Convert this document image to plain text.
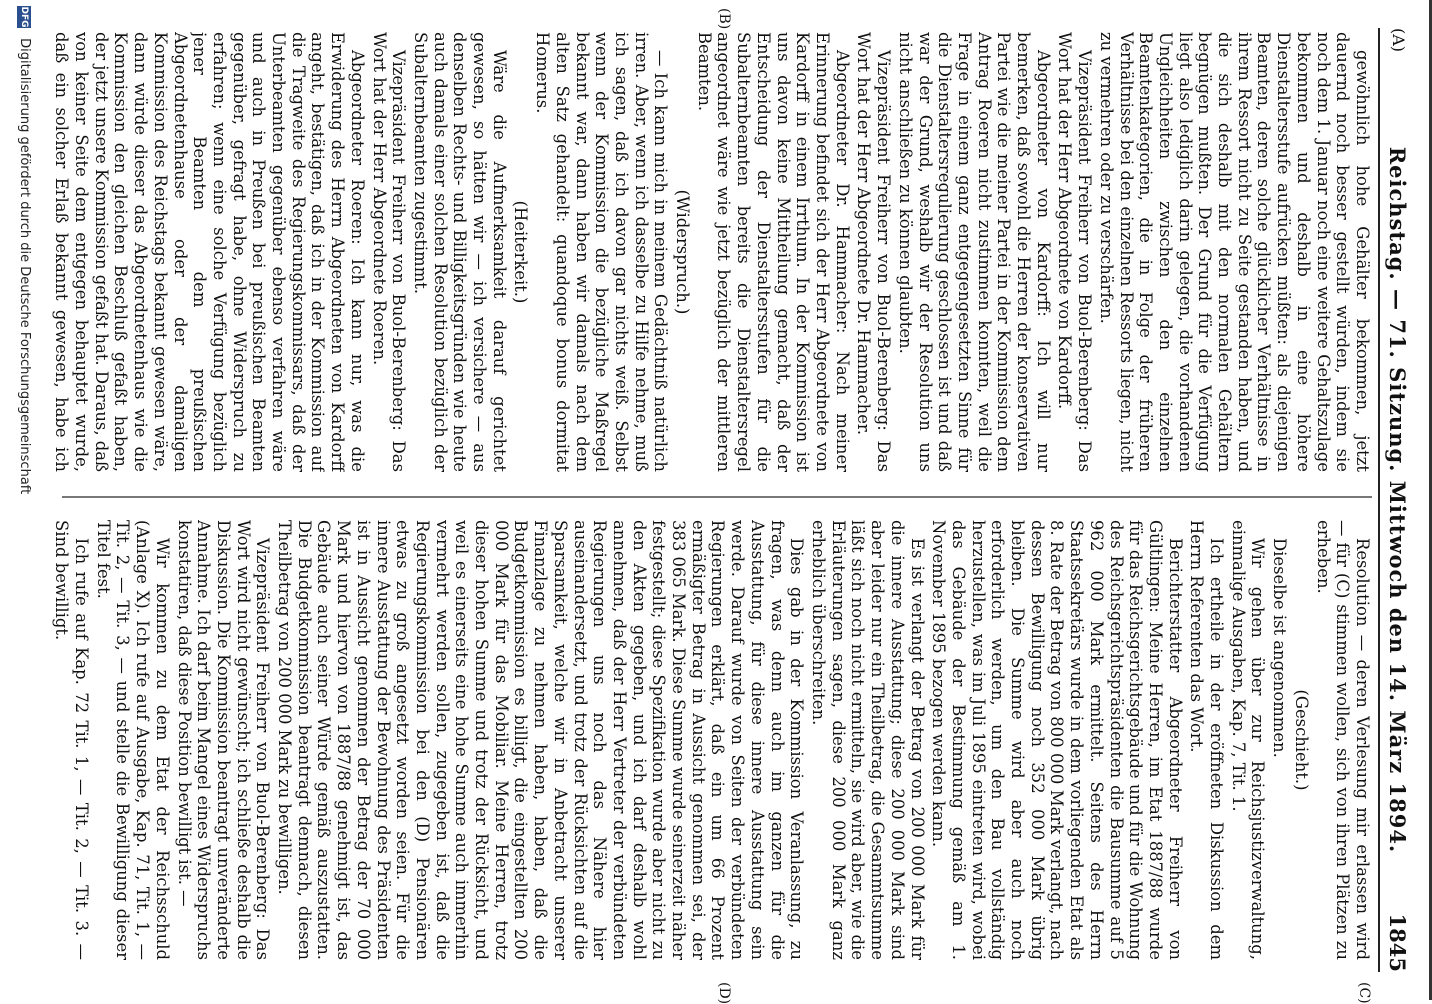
(A)
Reichstag. — 71. Sitzung. Mittwoch den 14. März 1894.
1845
(B)
(C)
(D)

gewöhnlich hohe Gehälter bekommen, jetzt dauernd noch besser gestellt würden, indem sie noch dem 1. Januar noch eine weitere Gehaltszulage bekommen und deshalb in eine höhere Dienstaltersstufe aufrücken müßten: als diejenigen Beamten, deren solche glücklicher Verhältnisse in ihrem Ressort nicht zu Seite gestanden haben, und die sich deshalb mit den normalen Gehältern begnügen mußten. Der Grund für die Verfügung liegt also lediglich darin gelegen, die vorhandenen Ungleichheiten zwischen den einzelnen Beamtenkategorien, die in Folge der früheren Verhältnisse bei den einzelnen Ressorts liegen, nicht zu vermehren oder zu verschärfen.

Vizepräsident Freiherr von Buol-Berenberg: Das Wort hat der Herr Abgeordnete von Kardorff.

Abgeordneter von Kardorff: Ich will nur bemerken, daß sowohl die Herren der konservativen Partei wie die meiner Partei in der Kommission dem Antrag Roeren nicht zustimmen konnten, weil die Frage in einem ganz entgegengesetzten Sinne für die Dienstaltersregulierung geschlossen ist und daß war der Grund, weshalb wir der Resolution uns nicht anschließen zu können glaubten.

Vizepräsident Freiherr von Buol-Berenberg: Das Wort hat der Herr Abgeordnete Dr. Hammacher.

Abgeordneter Dr. Hammacher: Nach meiner Erinnerung befindet sich der Herr Abgeordnete von Kardorff in einem Irrthum. In der Kommission ist uns davon keine Mittheilung gemacht, daß der Entscheidung der Dienstaltersstufen für die Subalternbeamten bereits die Dienstaltersregel angeordnet wäre wie jetzt bezüglich der mittleren Beamten.

(Widerspruch.)

— Ich kann mich in meinem Gedächtniß natürlich irren. Aber, wenn ich dasselbe zu Hilfe nehme, muß ich sagen, daß ich davon gar nichts weiß. Selbst wenn der Kommission die bezügliche Maßregel bekannt war, dann haben wir damals nach dem alten Satz gehandelt: quandoque bonus dormitat Homerus.

(Heiterkeit.)

Wäre die Aufmerksamkeit darauf gerichtet gewesen, so hätten wir — ich versichere — aus denselben Rechts- und Billigkeitsgründen wie heute auch damals einer solchen Resolution bezüglich der Subalternbeamten zugestimmt.

Vizepräsident Freiherr von Buol-Berenberg: Das Wort hat der Herr Abgeordnete Roeren.

Abgeordneter Roeren: Ich kann nur, was die Erwiderung des Herrn Abgeordneten von Kardorff angeht, bestätigen, daß ich in der Kommission auf die Tragweite des Regierungskommissars, daß der Unterbeamten gegenüber ebenso verfahren wäre und auch in Preußen bei preußischen Beamten gegenüber, gefragt habe, ohne Widerspruch zu erfahren; wenn eine solche Verfügung bezüglich jener Beamten dem preußischen Abgeordnetenhause oder der damaligen Kommission des Reichstags bekannt gewesen wäre, dann würde dieser das Abgeordnetenhaus wie die Kommission den gleichen Beschluß gefaßt haben, der jetzt unsere Kommission gefaßt hat. Daraus, daß von keiner Seite dem entgegen behauptet wurde, daß ein solcher Erlaß bekannt gewesen, habe ich

Resolution — deren Verlesung mir erlassen wird — für (C) stimmen wollen, sich von ihren Plätzen zu erheben.

(Geschieht.)

Dieselbe ist angenommen.

Wir gehen über zur Reichsjustizverwaltung, einmalige Ausgaben, Kap. 7, Tit. 1.

Ich ertheile in der eröffneten Diskussion dem Herrn Referenten das Wort.

Berichterstatter Abgeordneter Freiherr von Gültlingen: Meine Herren, im Etat 1887/88 wurde für das Reichsgerichtsgebäude und für die Wohnung des Reichsgerichtspräsidenten die Bausumme auf 5 962 000 Mark ermittelt. Seitens des Herrn Staatssekretärs wurde in dem vorliegenden Etat als 8. Rate der Betrag von 800 000 Mark verlangt, nach dessen Bewilligung noch 352 000 Mark übrig bleiben. Die Summe wird aber auch noch erforderlich werden, um den Bau vollständig herzustellen, was im Juli 1895 eintreten wird, wobei das Gebäude der Bestimmung gemäß am 1. November 1895 bezogen werden kann.

Es ist verlangt der Betrag von 200 000 Mark für die innere Ausstattung; diese 200 000 Mark sind aber leider nur ein Theilbetrag, die Gesammtsumme läßt sich noch nicht ermitteln, sie wird aber, wie die Erläuterungen sagen, diese 200 000 Mark ganz erheblich überschreiten.

Dies gab in der Kommission Veranlassung, zu fragen, was denn auch im ganzen für die Ausstattung, für diese innere Ausstattung sein werde. Darauf wurde von Seiten der verbündeten Regierungen erklärt, daß ein um 66 Prozent ermäßigter Betrag in Aussicht genommen sei, der 383 065 Mark. Diese Summe wurde seinerzeit näher festgestellt; diese Spezifikation wurde aber nicht zu den Akten gegeben, und ich darf deshalb wohl annehmen, daß der Herr Vertreter der verbündeten Regierungen uns noch das Nähere hier auseinandersetzt, und trotz der Rücksichten auf die Sparsamkeit, welche wir in Anbetracht unserer Finanzlage zu nehmen haben, haben, daß die Budgetkommission es billigt, die eingestellten 200 000 Mark für das Mobiliar. Meine Herren, trotz dieser hohen Summe und trotz der Rücksicht, und weil es einerseits eine hohe Summe auch immerhin vermehrt werden sollen, zugegeben ist, daß die Regierungskommission bei den (D) Pensionären etwas zu groß angesetzt worden seien. Für die innere Ausstattung der Bewohnung des Präsidenten ist in Aussicht genommen der Betrag der 70 000 Mark und hiervon von 1887/88 genehmigt ist, das Gebäude auch seiner Würde gemäß auszustatten. Die Budgetkommission beantragt demnach, diesen Theilbetrag von 200 000 Mark zu bewilligen.

Vizepräsident Freiherr von Buol-Berenberg: Das Wort wird nicht gewünscht; ich schließe deshalb die Diskussion. Die Kommission beantragt unveränderte Annahme. Ich darf beim Mangel eines Widerspruchs konstatiren, daß diese Position bewilligt ist. —

Wir kommen zu dem Etat der Reichsschuld (Anlage X). Ich rufe auf Ausgabe, Kap. 71, Tit. 1, — Tit. 2, — Tit. 3, — und stelle die Bewilligung dieser Titel fest.

Ich rufe auf Kap. 72 Tit. 1, — Tit. 2, — Tit. 3. — Sind bewilligt.

DFG Digitalisierung gefördert durch die Deutsche Forschungsgemeinschaft
